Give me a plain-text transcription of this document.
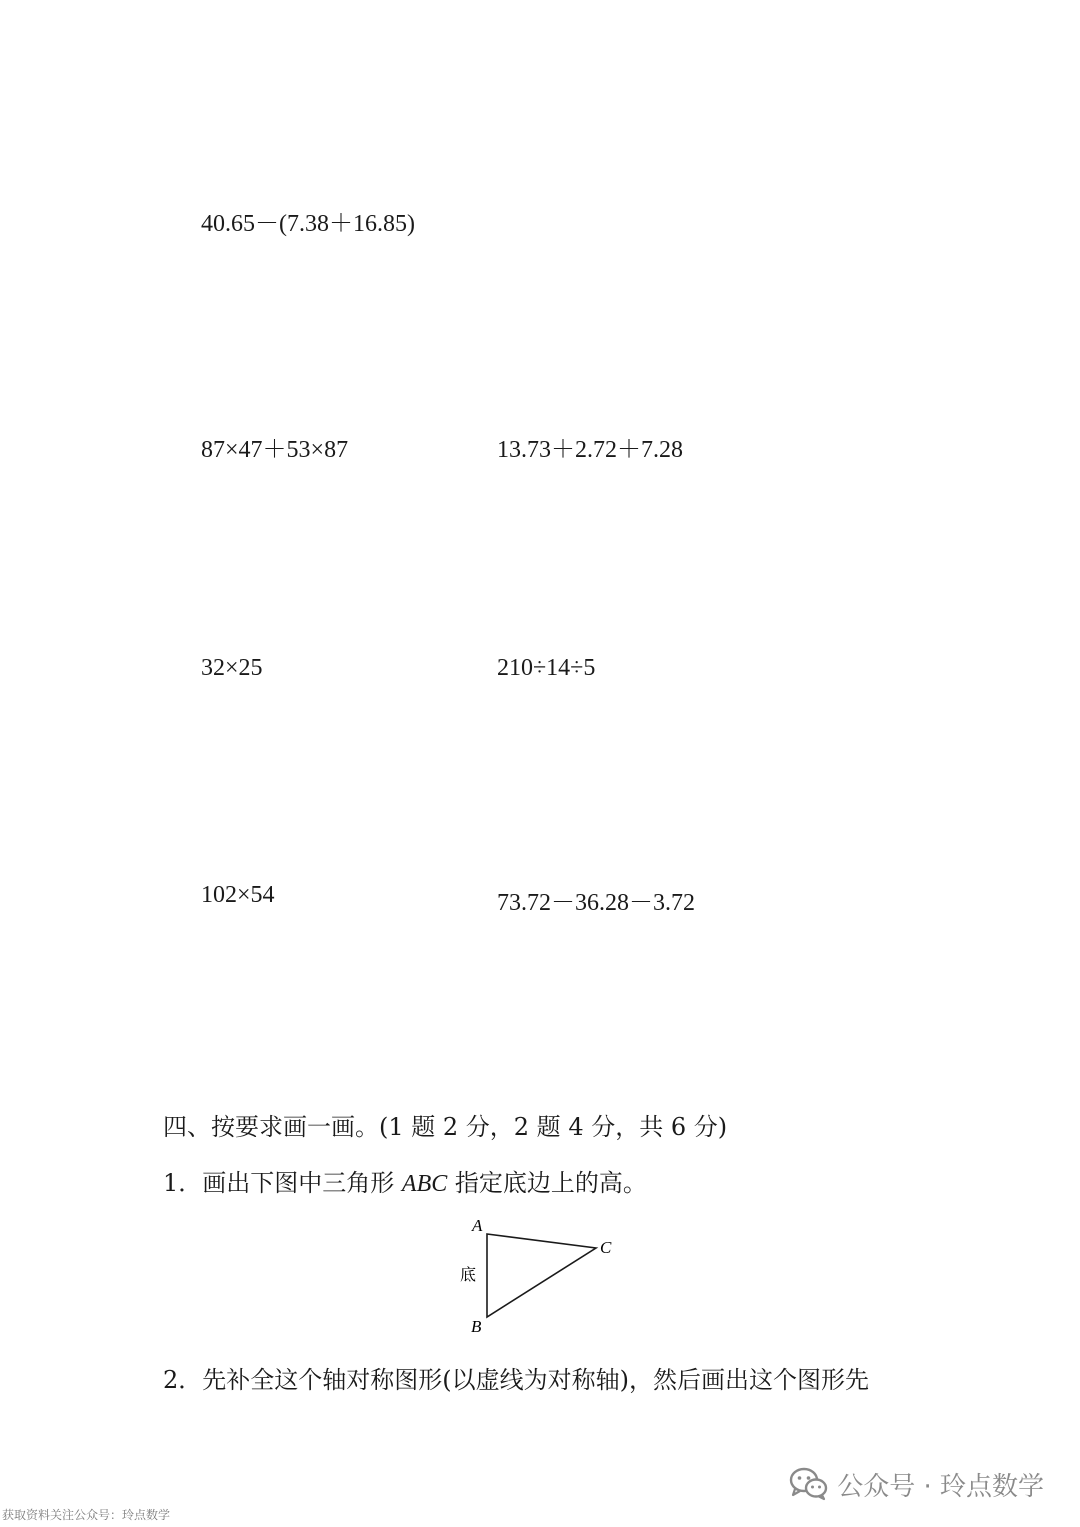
40.65－(7.38＋16.85)
87×47＋53×87	13.73＋2.72＋7.28
32×25	210÷14÷5
102×54	73.72－36.28－3.72
四、按要求画一画。(1 题 2 分，2 题 4 分，共 6 分)
1．画出下图中三角形 ABC 指定底边上的高。
A
B
C
底
2．先补全这个轴对称图形(以虚线为对称轴)，然后画出这个图形先
公众号 · 玲点数学
获取资料关注公众号：玲点数学
